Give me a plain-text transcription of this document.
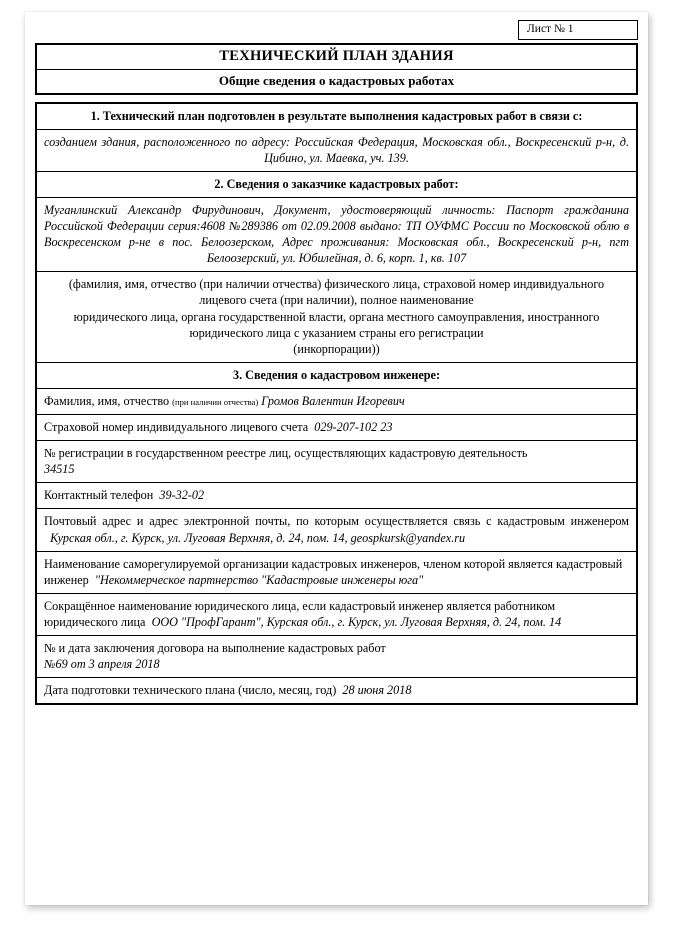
Лист № 1
ТЕХНИЧЕСКИЙ ПЛАН ЗДАНИЯ
Общие сведения о кадастровых работах
1. Технический план подготовлен в результате выполнения кадастровых работ в связи с:
созданием здания, расположенного по адресу: Российская Федерация, Московская обл., Воскресенский р-н, д. Цибино, ул. Маевка, уч. 139.
2. Сведения о заказчике кадастровых работ:
Муганлинский Александр Фирудинович, Документ, удостоверяющий личность: Паспорт гражданина Российской Федерации серия:4608 №289386 от 02.09.2008 выдано: ТП ОУФМС России по Московской облю в Воскресенском р-не в пос. Белоозерском, Адрес проживания: Московская обл., Воскресенский р-н, пгт Белоозерский, ул. Юбилейная, д. 6, корп. 1, кв. 107

(фамилия, имя, отчество (при наличии отчества) физического лица, страховой номер индивидуального лицевого счета (при наличии), полное наименование
юридического лица, органа государственной власти, органа местного самоуправления, иностранного юридического лица с указанием страны его регистрации
(инкорпорации))

3. Сведения о кадастровом инженере:
Фамилия, имя, отчество (при наличии отчества) Громов Валентин Игоревич
Страховой номер индивидуального лицевого счета 029-207-102 23
№ регистрации в государственном реестре лиц, осуществляющих кадастровую деятельность
34515
Контактный телефон 39-32-02
Почтовый адрес и адрес электронной почты, по которым осуществляется связь с кадастровым инженером  Курская обл., г. Курск, ул. Луговая Верхняя, д. 24, пом. 14, geospkursk@yandex.ru
Наименование саморегулируемой организации кадастровых инженеров, членом которой является кадастровый инженер "Некоммерческое партнерство "Кадастровые инженеры юга"
Сокращённое наименование юридического лица, если кадастровый инженер является работником юридического лица ООО "ПрофГарант", Курская обл., г. Курск, ул. Луговая Верхняя, д. 24, пом. 14
№ и дата заключения договора на выполнение кадастровых работ
№69 от 3 апреля 2018
Дата подготовки технического плана (число, месяц, год) 28 июня 2018
